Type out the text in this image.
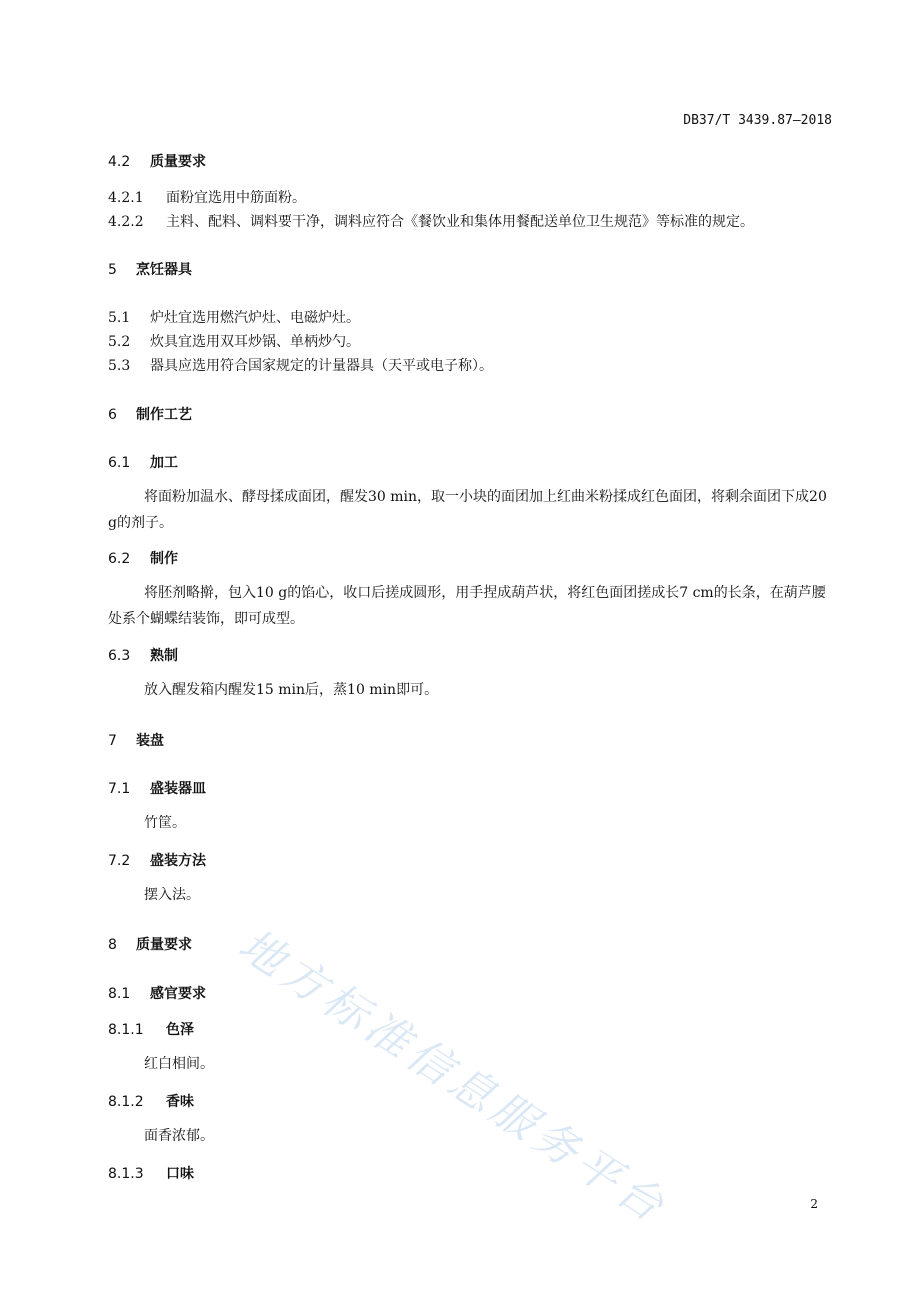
DB37/T 3439.87—2018
4.2 质量要求
4.2.1 面粉宜选用中筋面粉。
4.2.2 主料、配料、调料要干净，调料应符合《餐饮业和集体用餐配送单位卫生规范》等标准的规定。
5 烹饪器具
5.1 炉灶宜选用燃汽炉灶、电磁炉灶。
5.2 炊具宜选用双耳炒锅、单柄炒勺。
5.3 器具应选用符合国家规定的计量器具（天平或电子称）。
6 制作工艺
6.1 加工
将面粉加温水、酵母揉成面团，醒发30 min，取一小块的面团加上红曲米粉揉成红色面团，将剩余面团下成20 g的剂子。
6.2 制作
将胚剂略擀，包入10 g的馅心，收口后搓成圆形，用手捏成葫芦状，将红色面团搓成长7 cm的长条，在葫芦腰处系个蝴蝶结装饰，即可成型。
6.3 熟制
放入醒发箱内醒发15 min后，蒸10 min即可。
7 装盘
7.1 盛装器皿
竹筐。
7.2 盛装方法
摆入法。
8 质量要求
8.1 感官要求
8.1.1 色泽
红白相间。
8.1.2 香味
面香浓郁。
8.1.3 口味
2
地方标准信息服务平台
